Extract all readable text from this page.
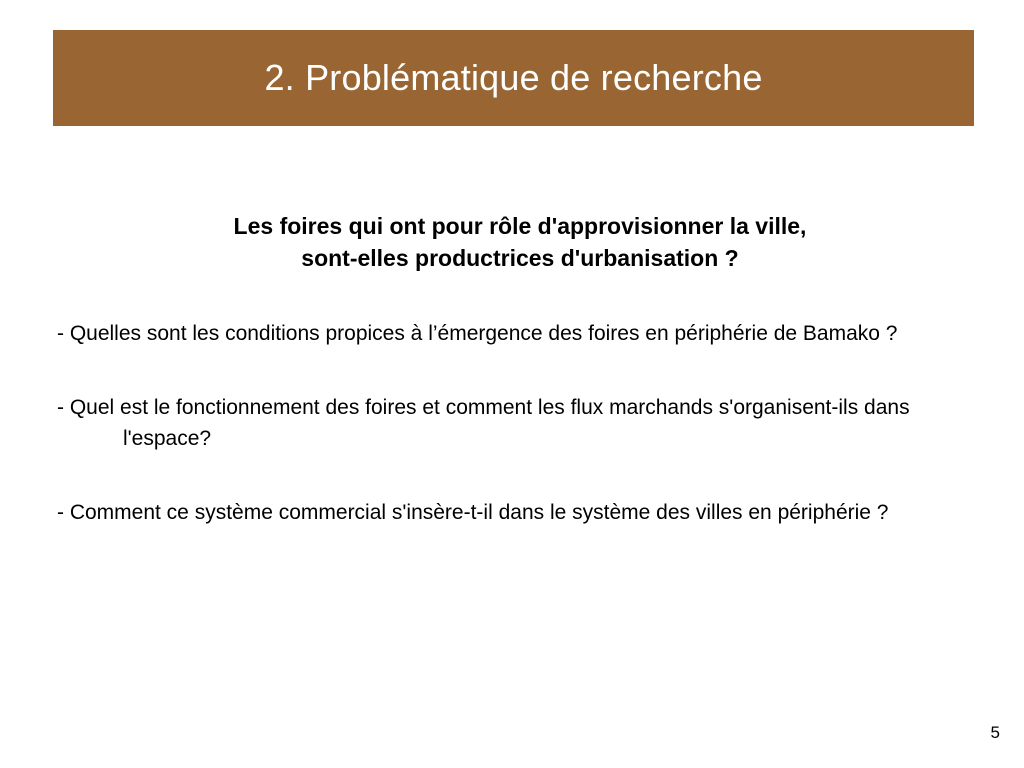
2. Problématique de recherche
Les foires qui ont pour rôle d'approvisionner la ville,
sont-elles productrices d'urbanisation ?

- Quelles sont les conditions propices à l’émergence des foires en périphérie de Bamako ?

- Quel est le fonctionnement des foires et comment les flux marchands s'organisent-ils dans l'espace?

- Comment ce système commercial s'insère-t-il dans le système des villes en périphérie ?

5
